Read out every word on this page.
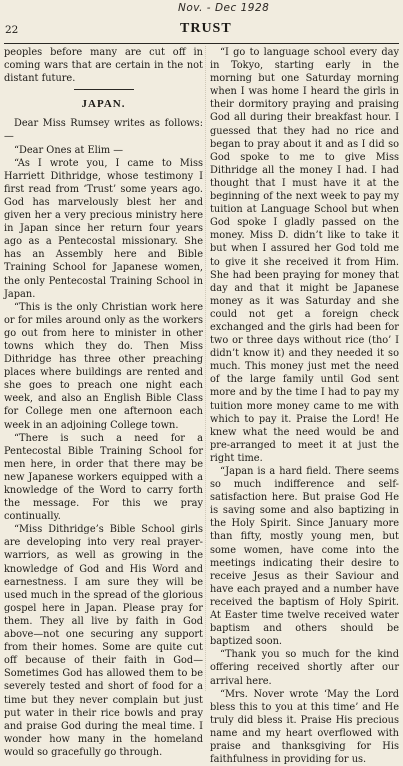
Nov. - Dec 1928
22	TRUST

peoples before many are cut off in coming wars that are certain in the not distant future.

JAPAN.

Dear Miss Rumsey writes as follows:—

“Dear Ones at Elim —

“As I wrote you, I came to Miss Harriett Dithridge, whose testimony I first read from ‘Trust’ some years ago. God has marvelously blest her and given her a very precious ministry here in Japan since her return four years ago as a Pentecostal missionary. She has an Assembly here and Bible Training School for Japanese women, the only Pentecostal Training School in Japan.

“This is the only Christian work here or for miles around only as the workers go out from here to minister in other towns which they do. Then Miss Dithridge has three other preaching places where buildings are rented and she goes to preach one night each week, and also an English Bible Class for College men one afternoon each week in an adjoining College town.

“There is such a need for a Pentecostal Bible Training School for men here, in order that there may be new Japanese workers equipped with a knowledge of the Word to carry forth the message. For this we pray continually.

“Miss Dithridge’s Bible School girls are developing into very real prayer-warriors, as well as growing in the knowledge of God and His Word and earnestness. I am sure they will be used much in the spread of the glorious gospel here in Japan. Please pray for them. They all live by faith in God above—not one securing any support from their homes. Some are quite cut off because of their faith in God—Sometimes God has allowed them to be severely tested and short of food for a time but they never complain but just put water in their rice bowls and pray and praise God during the meal time. I wonder how many in the homeland would so gracefully go through.

“I go to language school every day in Tokyo, starting early in the morning but one Saturday morning when I was home I heard the girls in their dormitory praying and praising God all during their breakfast hour. I guessed that they had no rice and began to pray about it and as I did so God spoke to me to give Miss Dithridge all the money I had. I had thought that I must have it at the beginning of the next week to pay my tuition at Language School but when God spoke I gladly passed on the money. Miss D. didn’t like to take it but when I assured her God told me to give it she received it from Him. She had been praying for money that day and that it might be Japanese money as it was Saturday and she could not get a foreign check exchanged and the girls had been for two or three days without rice (tho’ I didn’t know it) and they needed it so much. This money just met the need of the large family until God sent more and by the time I had to pay my tuition more money came to me with which to pay it. Praise the Lord! He knew what the need would be and pre-arranged to meet it at just the right time.

“Japan is a hard field. There seems so much indifference and self-satisfaction here. But praise God He is saving some and also baptizing in the Holy Spirit. Since January more than fifty, mostly young men, but some women, have come into the meetings indicating their desire to receive Jesus as their Saviour and have each prayed and a number have received the baptism of Holy Spirit. At Easter time twelve received water baptism and others should be baptized soon.

“Thank you so much for the kind offering received shortly after our arrival here.

“Mrs. Nover wrote ‘May the Lord bless this to you at this time’ and He truly did bless it. Praise His precious name and my heart overflowed with praise and thanksgiving for His faithfulness in providing for us.
